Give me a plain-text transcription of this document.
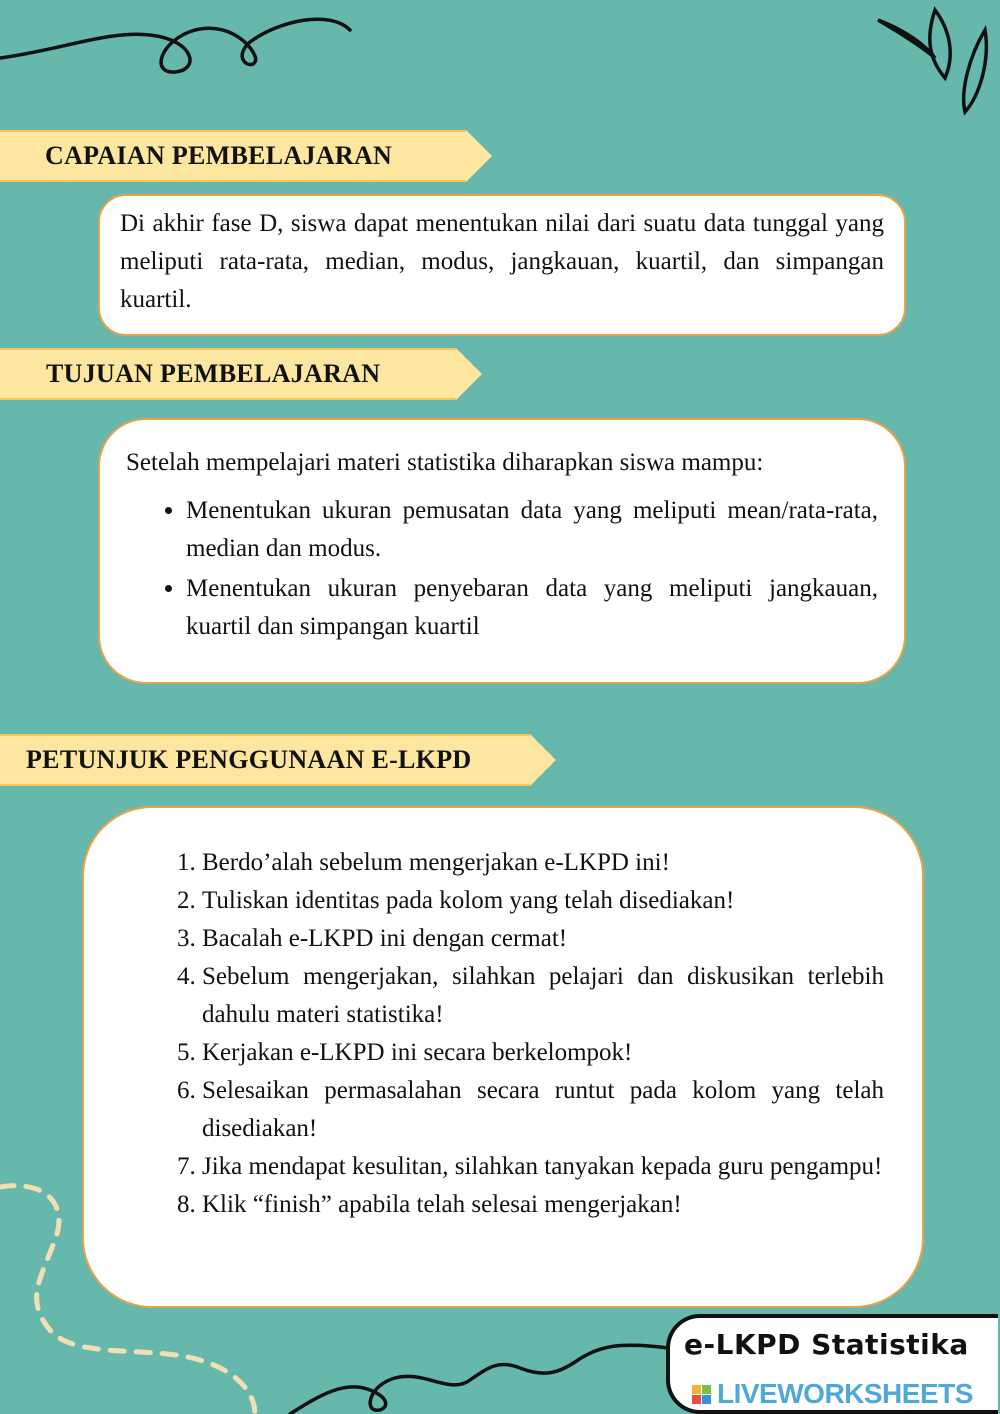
CAPAIAN PEMBELAJARAN
Di akhir fase D, siswa dapat menentukan nilai dari suatu data tunggal yang meliputi rata-rata, median, modus, jangkauan, kuartil, dan simpangan kuartil.
TUJUAN PEMBELAJARAN
Setelah mempelajari materi statistika diharapkan siswa mampu:
• Menentukan ukuran pemusatan data yang meliputi mean/rata-rata, median dan modus.
• Menentukan ukuran penyebaran data yang meliputi jangkauan, kuartil dan simpangan kuartil
PETUNJUK PENGGUNAAN E-LKPD
1. Berdo’alah sebelum mengerjakan e-LKPD ini!
2. Tuliskan identitas pada kolom yang telah disediakan!
3. Bacalah e-LKPD ini dengan cermat!
4. Sebelum mengerjakan, silahkan pelajari dan diskusikan terlebih dahulu materi statistika!
5. Kerjakan e-LKPD ini secara berkelompok!
6. Selesaikan permasalahan secara runtut pada kolom yang telah disediakan!
7. Jika mendapat kesulitan, silahkan tanyakan kepada guru pengampu!
8. Klik “finish” apabila telah selesai mengerjakan!
e-LKPD Statistika
LIVEWORKSHEETS
